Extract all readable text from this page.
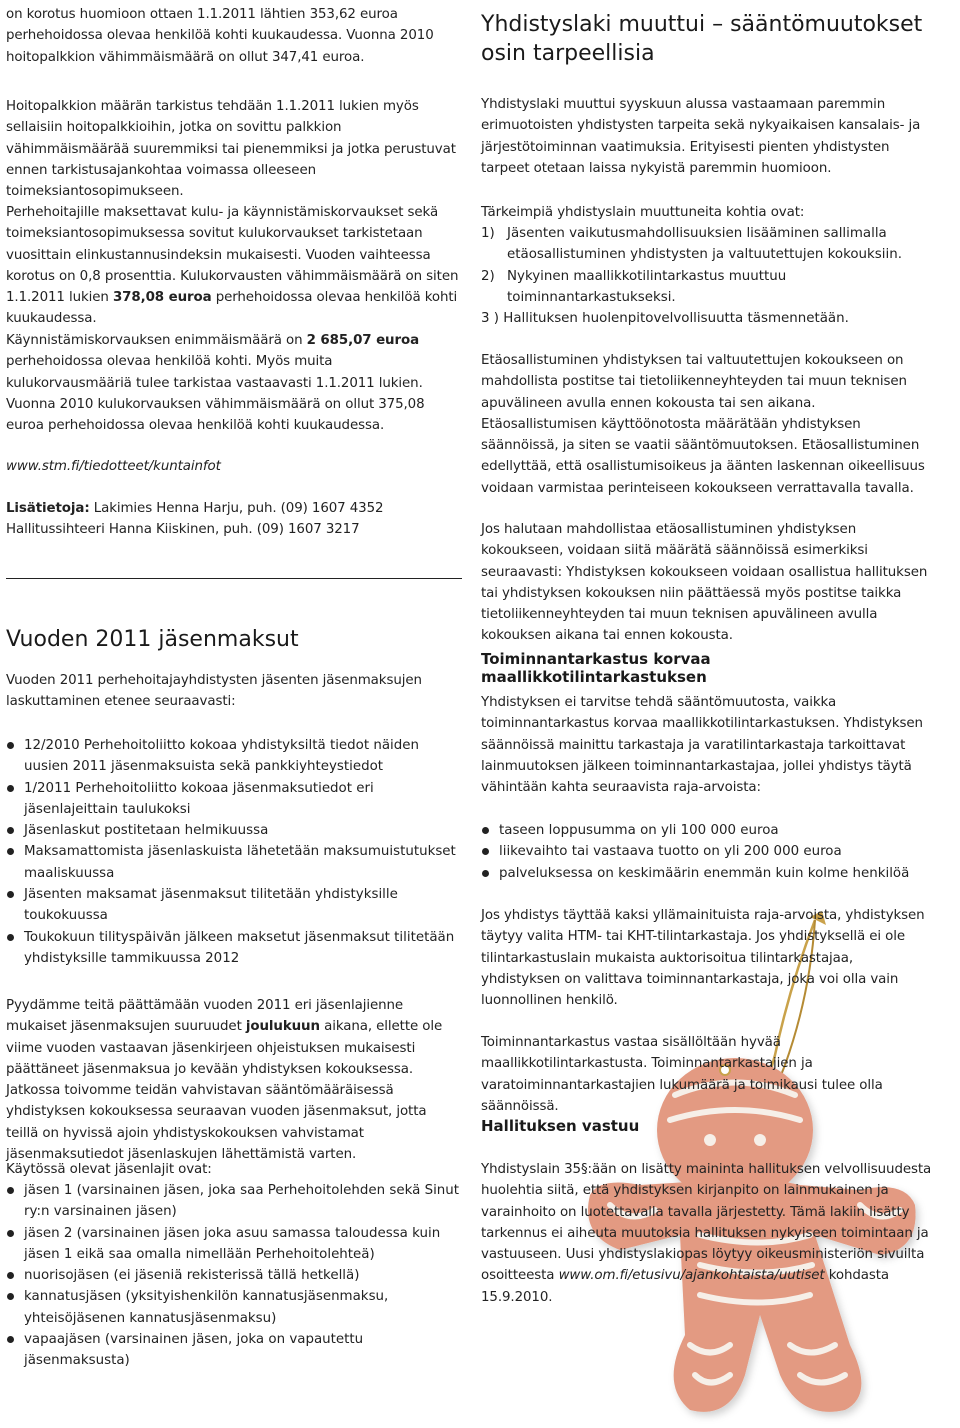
on korotus huomioon ottaen 1.1.2011 lähtien 353,62 euroa perhehoidossa olevaa henkilöä kohti kuukaudessa. Vuonna 2010 hoitopalkkion vähimmäismäärä on ollut 347,41 euroa.

Hoitopalkkion määrän tarkistus tehdään 1.1.2011 lukien myös sellaisiin hoitopalkkioihin, jotka on sovittu palkkion vähimmäismäärää suuremmiksi tai pienemmiksi ja jotka perustuvat ennen tarkistusajankohtaa voimassa olleeseen toimeksiantosopimukseen.

Perhehoitajille maksettavat kulu- ja käynnistämiskorvaukset sekä toimeksiantosopimuksessa sovitut kulukorvaukset tarkistetaan vuosittain elinkustannusindeksin mukaisesti. Vuoden vaihteessa korotus on 0,8 prosenttia. Kulukorvausten vähimmäismäärä on siten 1.1.2011 lukien 378,08 euroa perhehoidossa olevaa henkilöä kohti kuukaudessa.

Käynnistämiskorvauksen enimmäismäärä on 2 685,07 euroa perhehoidossa olevaa henkilöä kohti. Myös muita kulukorvausmääriä tulee tarkistaa vastaavasti 1.1.2011 lukien. Vuonna 2010 kulukorvauksen vähimmäismäärä on ollut 375,08 euroa perhehoidossa olevaa henkilöä kohti kuukaudessa.

www.stm.fi/tiedotteet/kuntainfot

Lisätietoja: Lakimies Henna Harju, puh. (09) 1607 4352
Hallitussihteeri Hanna Kiiskinen, puh. (09) 1607 3217

Vuoden 2011 jäsenmaksut

Vuoden 2011 perhehoitajayhdistysten jäsenten jäsenmaksujen laskuttaminen etenee seuraavasti:

12/2010 Perhehoitoliitto kokoaa yhdistyksiltä tiedot näiden uusien 2011 jäsenmaksuista sekä pankkiyhteystiedot
1/2011 Perhehoitoliitto kokoaa jäsenmaksutiedot eri jäsenlajeittain taulukoksi
Jäsenlaskut postitetaan helmikuussa
Maksamattomista jäsenlaskuista lähetetään maksumuistutukset maaliskuussa
Jäsenten maksamat jäsenmaksut tilitetään yhdistyksille toukokuussa
Toukokuun tilityspäivän jälkeen maksetut jäsenmaksut tilitetään yhdistyksille tammikuussa 2012

Pyydämme teitä päättämään vuoden 2011 eri jäsenlajienne mukaiset jäsenmaksujen suuruudet joulukuun aikana, ellette ole viime vuoden vastaavan jäsenkirjeen ohjeistuksen mukaisesti päättäneet jäsenmaksua jo kevään yhdistyksen kokouksessa. Jatkossa toivomme teidän vahvistavan sääntömääräisessä yhdistyksen kokouksessa seuraavan vuoden jäsenmaksut, jotta teillä on hyvissä ajoin yhdistyskokouksen vahvistamat jäsenmaksutiedot jäsenlaskujen lähettämistä varten.

Käytössä olevat jäsenlajit ovat:

jäsen 1 (varsinainen jäsen, joka saa Perhehoitolehden sekä Sinut ry:n varsinainen jäsen)
jäsen 2 (varsinainen jäsen joka asuu samassa taloudessa kuin jäsen 1 eikä saa omalla nimellään Perhehoitolehteä)
nuorisojäsen (ei jäseniä rekisterissä tällä hetkellä)
kannatusjäsen (yksityishenkilön kannatusjäsenmaksu, yhteisöjäsenen kannatusjäsenmaksu)
vapaajäsen (varsinainen jäsen, joka on vapautettu jäsenmaksusta)
Yhdistyslaki muuttui – sääntömuutokset osin tarpeellisia

Yhdistyslaki muuttui syyskuun alussa vastaamaan paremmin erimuotoisten yhdistysten tarpeita sekä nykyaikaisen kansalais- ja järjestötoiminnan vaatimuksia. Erityisesti pienten yhdistysten tarpeet otetaan laissa nykyistä paremmin huomioon.

Tärkeimpiä yhdistyslain muuttuneita kohtia ovat:

1) Jäsenten vaikutusmahdollisuuksien lisääminen sallimalla etäosallistuminen yhdistysten ja valtuutettujen kokouksiin.
2) Nykyinen maallikkotilintarkastus muuttuu toiminnantarkastukseksi.
3 ) Hallituksen huolenpitovelvollisuutta täsmennetään.

Etäosallistuminen yhdistyksen tai valtuutettujen kokoukseen on mahdollista postitse tai tietoliikenneyhteyden tai muun teknisen apuvälineen avulla ennen kokousta tai sen aikana. Etäosallistumisen käyttöönotosta määrätään yhdistyksen säännöissä, ja siten se vaatii sääntömuutoksen. Etäosallistuminen edellyttää, että osallistumisoikeus ja äänten laskennan oikeellisuus voidaan varmistaa perinteiseen kokoukseen verrattavalla tavalla.

Jos halutaan mahdollistaa etäosallistuminen yhdistyksen kokoukseen, voidaan siitä määrätä säännöissä esimerkiksi seuraavasti: Yhdistyksen kokoukseen voidaan osallistua hallituksen tai yhdistyksen kokouksen niin päättäessä myös postitse taikka tietoliikenneyhteyden tai muun teknisen apuvälineen avulla kokouksen aikana tai ennen kokousta.

Toiminnantarkastus korvaa maallikkotilintarkastuksen

Yhdistyksen ei tarvitse tehdä sääntömuutosta, vaikka toiminnantarkastus korvaa maallikkotilintarkastuksen. Yhdistyksen säännöissä mainittu tarkastaja ja varatilintarkastaja tarkoittavat lainmuutoksen jälkeen toiminnantarkastajaa, jollei yhdistys täytä vähintään kahta seuraavista raja-arvoista:

taseen loppusumma on yli 100 000 euroa
liikevaihto tai vastaava tuotto on yli 200 000 euroa
palveluksessa on keskimäärin enemmän kuin kolme henkilöä

Jos yhdistys täyttää kaksi yllämainituista raja-arvoista, yhdistyksen täytyy valita HTM- tai KHT-tilintarkastaja. Jos yhdistyksellä ei ole tilintarkastuslain mukaista auktorisoitua tilintarkastajaa, yhdistyksen on valittava toiminnantarkastaja, joka voi olla vain luonnollinen henkilö.

Toiminnantarkastus vastaa sisällöltään hyvää maallikkotilintarkastusta. Toiminnantarkastajien ja varatoiminnantarkastajien lukumäärä ja toimikausi tulee olla säännöissä.

Hallituksen vastuu

Yhdistyslain 35§:ään on lisätty maininta hallituksen velvollisuudesta huolehtia siitä, että yhdistyksen kirjanpito on lainmukainen ja varainhoito on luotettavalla tavalla järjestetty. Tämä lakiin lisätty tarkennus ei aiheuta muutoksia hallituksen nykyiseen toimintaan ja vastuuseen. Uusi yhdistyslakiopas löytyy oikeusministeriön sivuilta osoitteesta www.om.fi/etusivu/ajankohtaista/uutiset kohdasta 15.9.2010.
